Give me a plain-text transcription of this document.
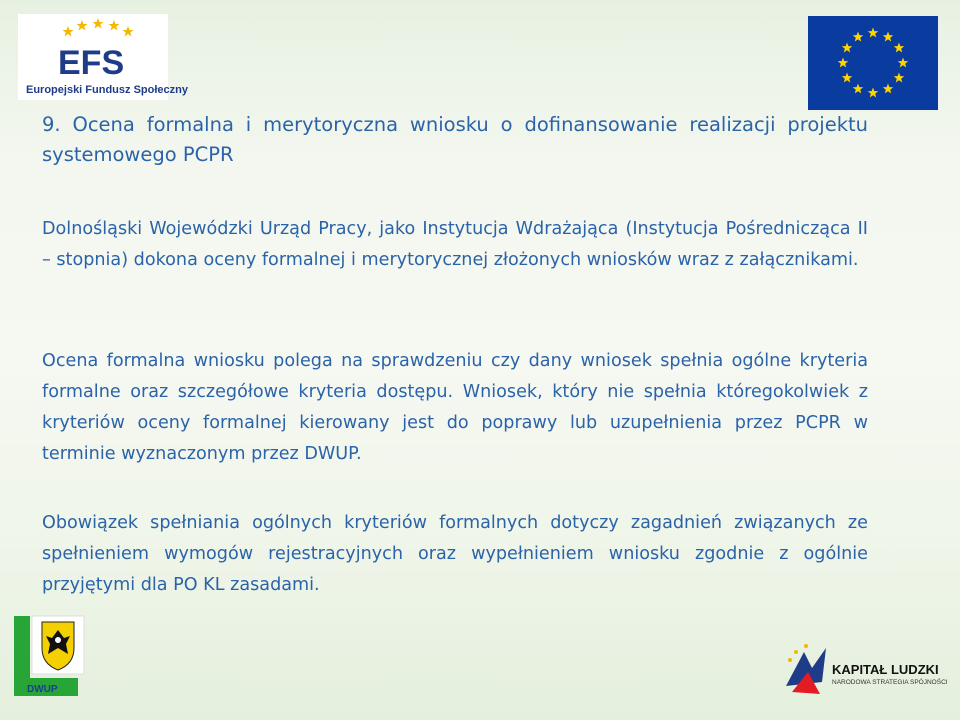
EFS
Europejski Fundusz Społeczny
9. Ocena formalna i merytoryczna wniosku o dofinansowanie realizacji projektu systemowego PCPR

Dolnośląski Wojewódzki Urząd Pracy, jako Instytucja Wdrażająca (Instytucja Pośrednicząca II – stopnia) dokona oceny formalnej i merytorycznej złożonych wniosków wraz z załącznikami.

Ocena formalna wniosku polega na sprawdzeniu czy dany wniosek spełnia ogólne kryteria formalne oraz szczegółowe kryteria dostępu. Wniosek, który nie spełnia któregokolwiek z kryteriów oceny formalnej kierowany jest do poprawy lub uzupełnienia przez PCPR w terminie wyznaczonym przez DWUP.

Obowiązek spełniania ogólnych kryteriów formalnych dotyczy zagadnień związanych ze spełnieniem wymogów rejestracyjnych oraz wypełnieniem wniosku zgodnie z ogólnie przyjętymi dla PO KL zasadami.

DWUP
KAPITAŁ LUDZKI
NARODOWA STRATEGIA SPÓJNOŚCI
